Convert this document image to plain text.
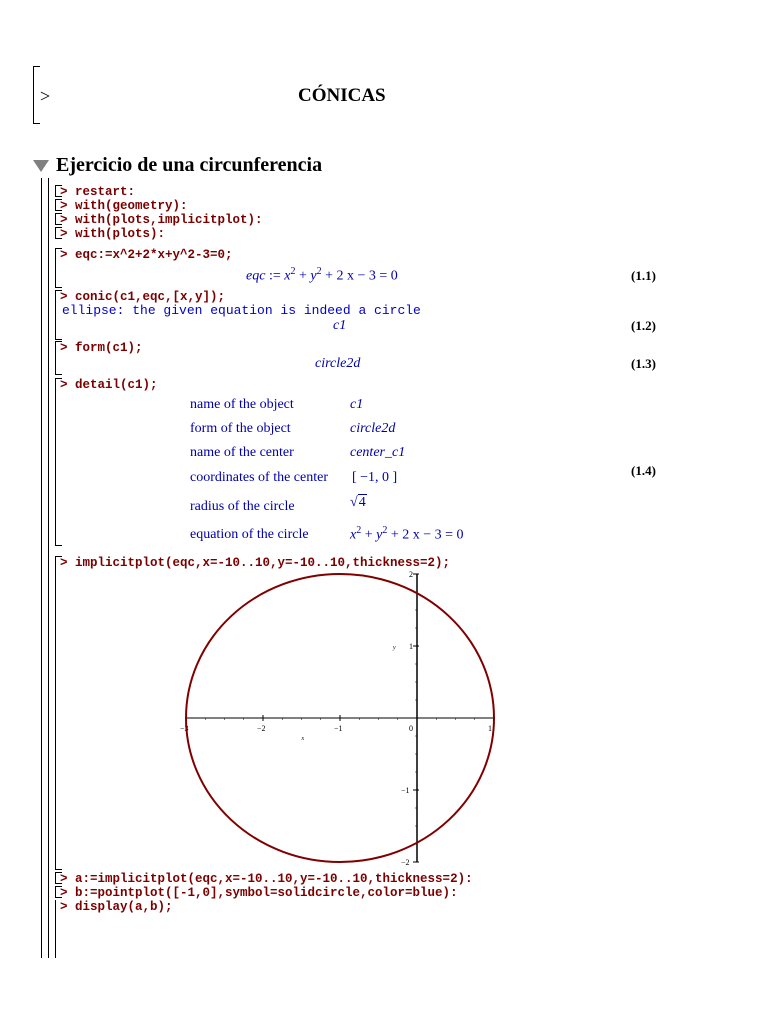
>	CÓNICAS
Ejercicio de una circunferencia
> restart:
> with(geometry):
> with(plots,implicitplot):
> with(plots):
> eqc:=x^2+2*x+y^2-3=0;
eqc := $x^2 + y^2 + 2$ x − 3 = 0	(1.1)
> conic(c1,eqc,[x,y]);
ellipse: the given equation is indeed a circle
c1	(1.2)
> form(c1);
circle2d	(1.3)
> detail(c1);
name of the object	c1
form of the object	circle2d
name of the center	center_c1
coordinates of the center [ −1, 0 ]	(1.4)
radius of the circle	√4
equation of the circle	$x^2 + y^2 + 2$ x − 3 = 0
> implicitplot(eqc,x=-10..10,y=-10..10,thickness=2);
−3	−2	−1	0	1
2
1
−1
−2
x
y
> a:=implicitplot(eqc,x=-10..10,y=-10..10,thickness=2):
> b:=pointplot([-1,0],symbol=solidcircle,color=blue):
> display(a,b);
